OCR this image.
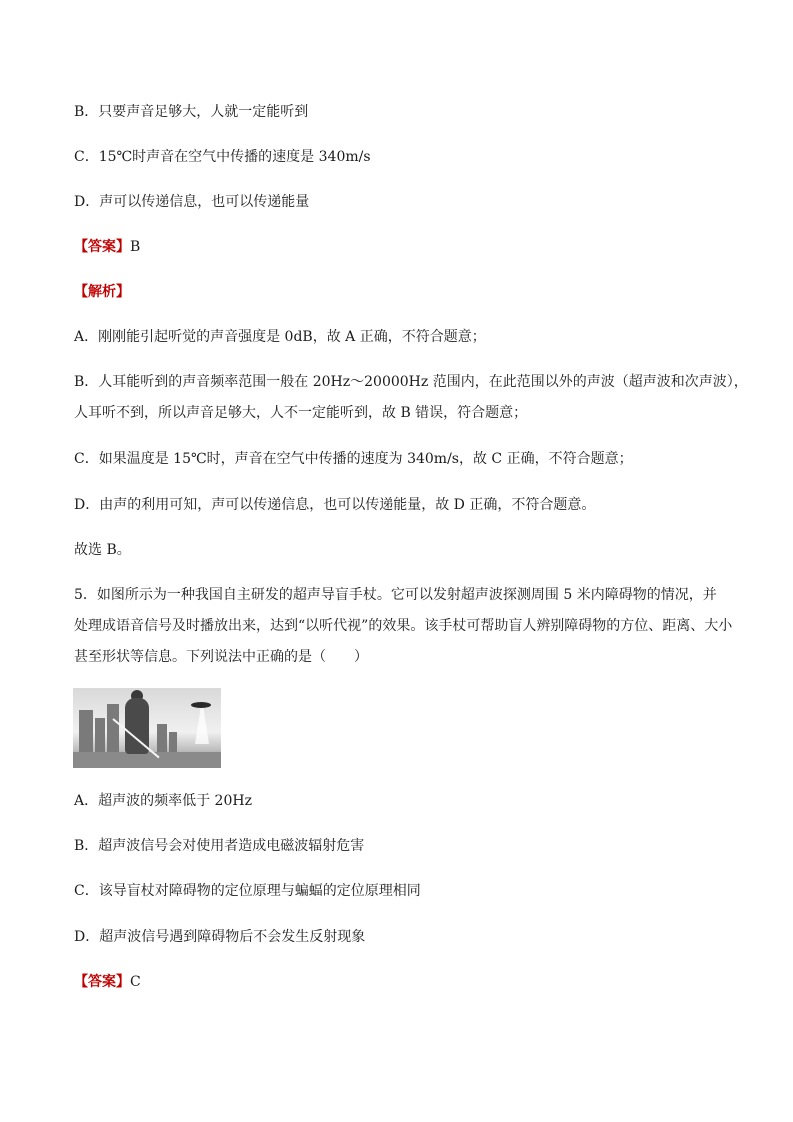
B．只要声音足够大，人就一定能听到
C．15℃时声音在空气中传播的速度是 340m/s
D．声可以传递信息，也可以传递能量
【答案】B
【解析】
A．刚刚能引起听觉的声音强度是 0dB，故 A 正确，不符合题意；
B．人耳能听到的声音频率范围一般在 20Hz～20000Hz 范围内，在此范围以外的声波（超声波和次声波），
人耳听不到，所以声音足够大，人不一定能听到，故 B 错误，符合题意；
C．如果温度是 15℃时，声音在空气中传播的速度为 340m/s，故 C 正确，不符合题意；
D．由声的利用可知，声可以传递信息，也可以传递能量，故 D 正确，不符合题意。
故选 B。
5．如图所示为一种我国自主研发的超声导盲手杖。它可以发射超声波探测周围 5 米内障碍物的情况，并
处理成语音信号及时播放出来，达到“以听代视”的效果。该手杖可帮助盲人辨别障碍物的方位、距离、大小
甚至形状等信息。下列说法中正确的是（　　）
A．超声波的频率低于 20Hz
B．超声波信号会对使用者造成电磁波辐射危害
C．该导盲杖对障碍物的定位原理与蝙蝠的定位原理相同
D．超声波信号遇到障碍物后不会发生反射现象
【答案】C
